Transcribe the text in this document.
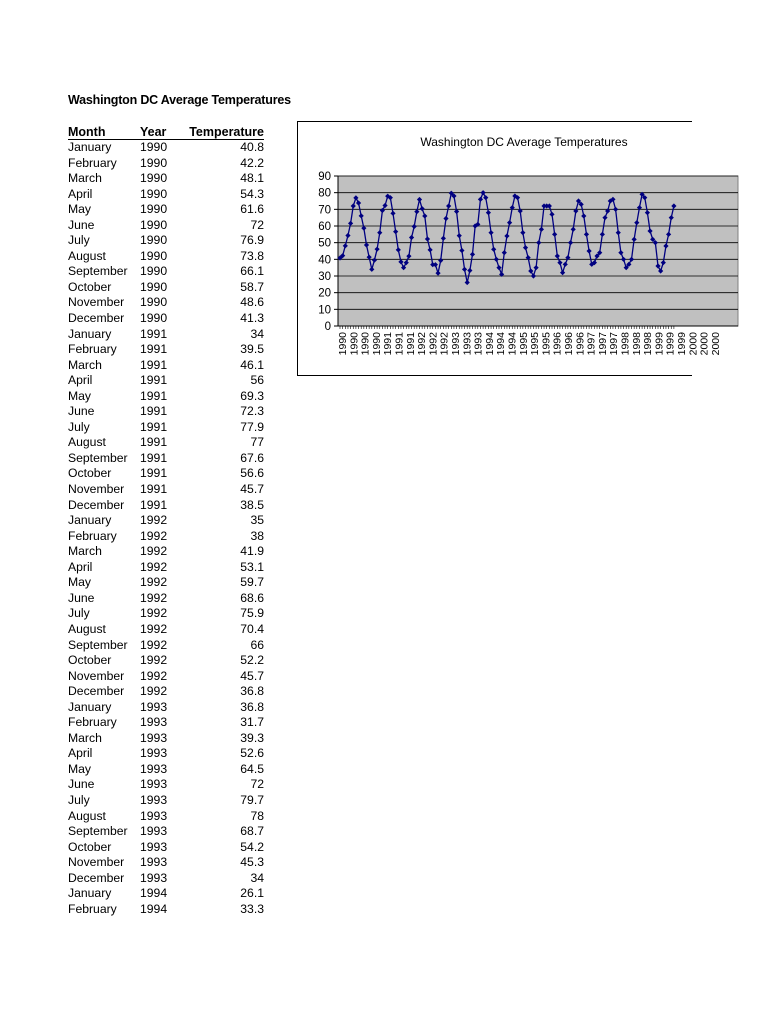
Washington DC Average Temperatures
Month	Year	Temperature
January	1990	40.8
February	1990	42.2
March	1990	48.1
April	1990	54.3
May	1990	61.6
June	1990	72
July	1990	76.9
August	1990	73.8
September	1990	66.1
October	1990	58.7
November	1990	48.6
December	1990	41.3
January	1991	34
February	1991	39.5
March	1991	46.1
April	1991	56
May	1991	69.3
June	1991	72.3
July	1991	77.9
August	1991	77
September	1991	67.6
October	1991	56.6
November	1991	45.7
December	1991	38.5
January	1992	35
February	1992	38
March	1992	41.9
April	1992	53.1
May	1992	59.7
June	1992	68.6
July	1992	75.9
August	1992	70.4
September	1992	66
October	1992	52.2
November	1992	45.7
December	1992	36.8
January	1993	36.8
February	1993	31.7
March	1993	39.3
April	1993	52.6
May	1993	64.5
June	1993	72
July	1993	79.7
August	1993	78
September	1993	68.7
October	1993	54.2
November	1993	45.3
December	1993	34
January	1994	26.1
February	1994	33.3
Washington DC Average Temperatures
0
10
20
30
40
50
60
70
80
90
1990 1990 1990 1990 1991 1991 1991 1992 1992 1992 1993 1993 1993 1994 1994 1994 1995 1995 1995 1996 1996 1996 1997 1997 1997 1998 1998 1998 1999 1999 1999 2000 2000 2000
